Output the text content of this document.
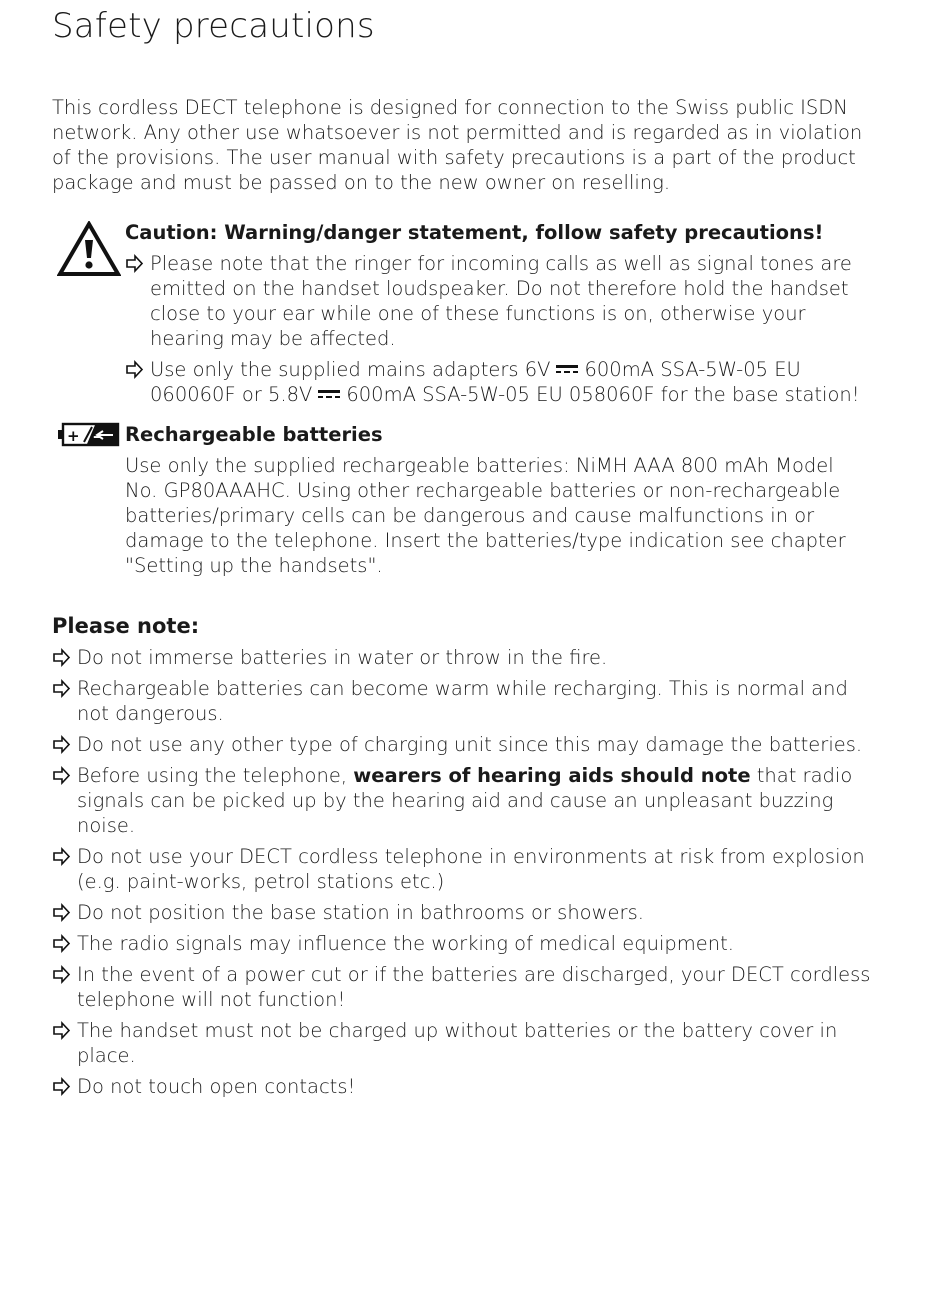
Safety precautions

This cordless DECT telephone is designed for connection to the Swiss public ISDN network. Any other use whatsoever is not permitted and is regarded as in violation of the provisions. The user manual with safety precautions is a part of the product package and must be passed on to the new owner on reselling.

Caution: Warning/danger statement, follow safety precautions!
Please note that the ringer for incoming calls as well as signal tones are emitted on the handset loudspeaker. Do not therefore hold the handset close to your ear while one of these functions is on, otherwise your hearing may be affected.
Use only the supplied mains adapters 6V 600mA SSA-5W-05 EU 060060F or 5.8V 600mA SSA-5W-05 EU 058060F for the base station!
+ – Rechargeable batteries
Use only the supplied rechargeable batteries: NiMH AAA 800 mAh Model No. GP80AAAHC. Using other rechargeable batteries or non-rechargeable batteries/primary cells can be dangerous and cause malfunctions in or damage to the telephone. Insert the batteries/type indication see chapter "Setting up the handsets".
Please note:
Do not immerse batteries in water or throw in the fire.
Rechargeable batteries can become warm while recharging. This is normal and not dangerous.
Do not use any other type of charging unit since this may damage the batteries.
Before using the telephone, wearers of hearing aids should note that radio signals can be picked up by the hearing aid and cause an unpleasant buzzing noise.
Do not use your DECT cordless telephone in environments at risk from explosion (e.g. paint-works, petrol stations etc.)
Do not position the base station in bathrooms or showers.
The radio signals may influence the working of medical equipment.
In the event of a power cut or if the batteries are discharged, your DECT cordless telephone will not function!
The handset must not be charged up without batteries or the battery cover in place.
Do not touch open contacts!
